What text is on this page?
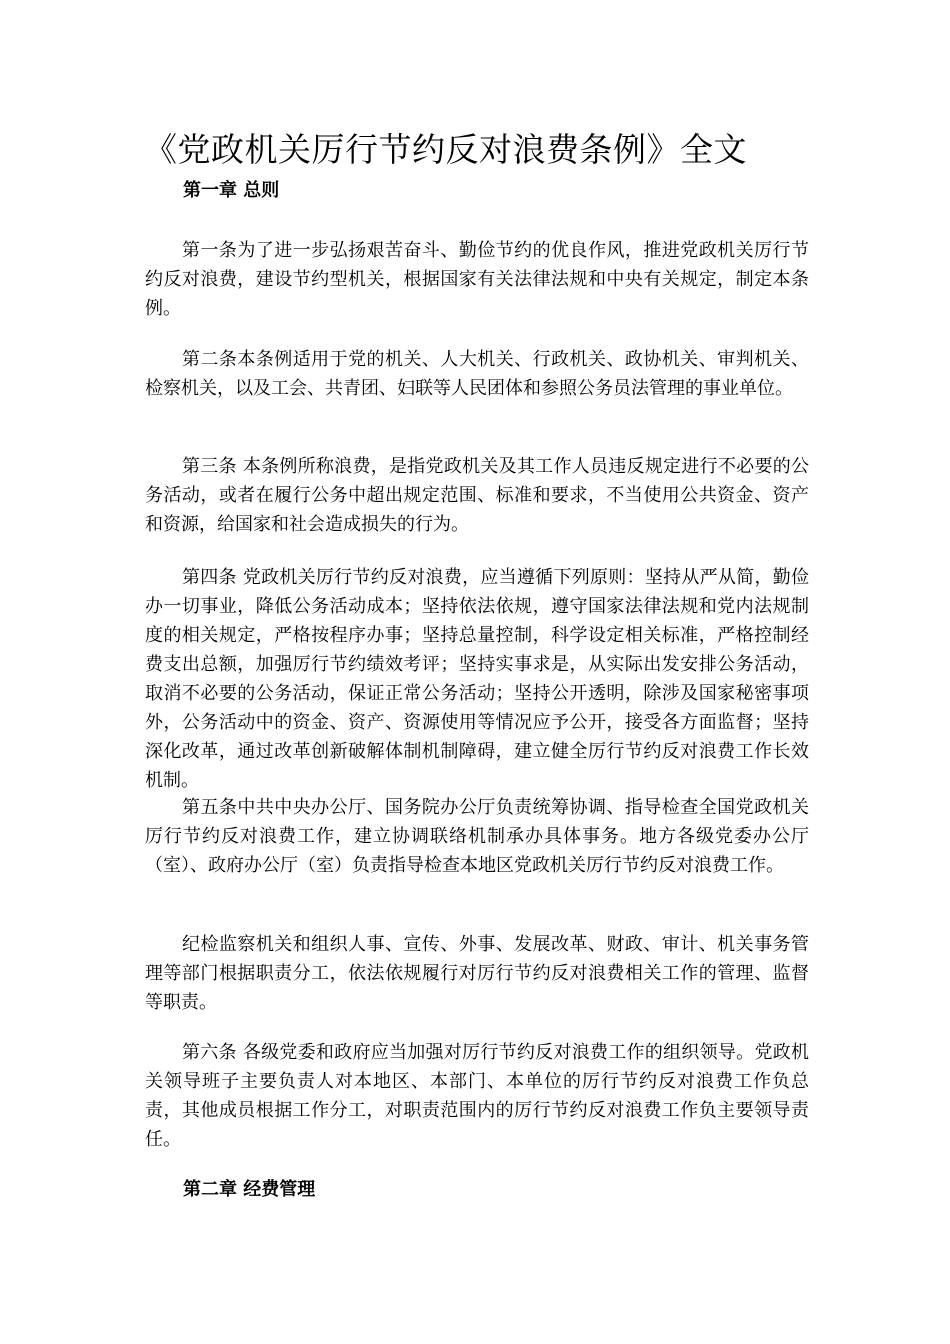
《党政机关厉行节约反对浪费条例》全文
第一章 总则

第一条为了进一步弘扬艰苦奋斗、勤俭节约的优良作风，推进党政机关厉行节约反对浪费，建设节约型机关，根据国家有关法律法规和中央有关规定，制定本条例。

第二条本条例适用于党的机关、人大机关、行政机关、政协机关、审判机关、检察机关，以及工会、共青团、妇联等人民团体和参照公务员法管理的事业单位。

第三条 本条例所称浪费，是指党政机关及其工作人员违反规定进行不必要的公务活动，或者在履行公务中超出规定范围、标准和要求，不当使用公共资金、资产和资源，给国家和社会造成损失的行为。

第四条 党政机关厉行节约反对浪费，应当遵循下列原则：坚持从严从简，勤俭办一切事业，降低公务活动成本；坚持依法依规，遵守国家法律法规和党内法规制度的相关规定，严格按程序办事；坚持总量控制，科学设定相关标准，严格控制经费支出总额，加强厉行节约绩效考评；坚持实事求是，从实际出发安排公务活动，取消不必要的公务活动，保证正常公务活动；坚持公开透明，除涉及国家秘密事项外，公务活动中的资金、资产、资源使用等情况应予公开，接受各方面监督；坚持深化改革，通过改革创新破解体制机制障碍，建立健全厉行节约反对浪费工作长效机制。

第五条中共中央办公厅、国务院办公厅负责统筹协调、指导检查全国党政机关厉行节约反对浪费工作，建立协调联络机制承办具体事务。地方各级党委办公厅（室）、政府办公厅（室）负责指导检查本地区党政机关厉行节约反对浪费工作。

纪检监察机关和组织人事、宣传、外事、发展改革、财政、审计、机关事务管理等部门根据职责分工，依法依规履行对厉行节约反对浪费相关工作的管理、监督等职责。

第六条 各级党委和政府应当加强对厉行节约反对浪费工作的组织领导。党政机关领导班子主要负责人对本地区、本部门、本单位的厉行节约反对浪费工作负总责，其他成员根据工作分工，对职责范围内的厉行节约反对浪费工作负主要领导责任。

第二章 经费管理
